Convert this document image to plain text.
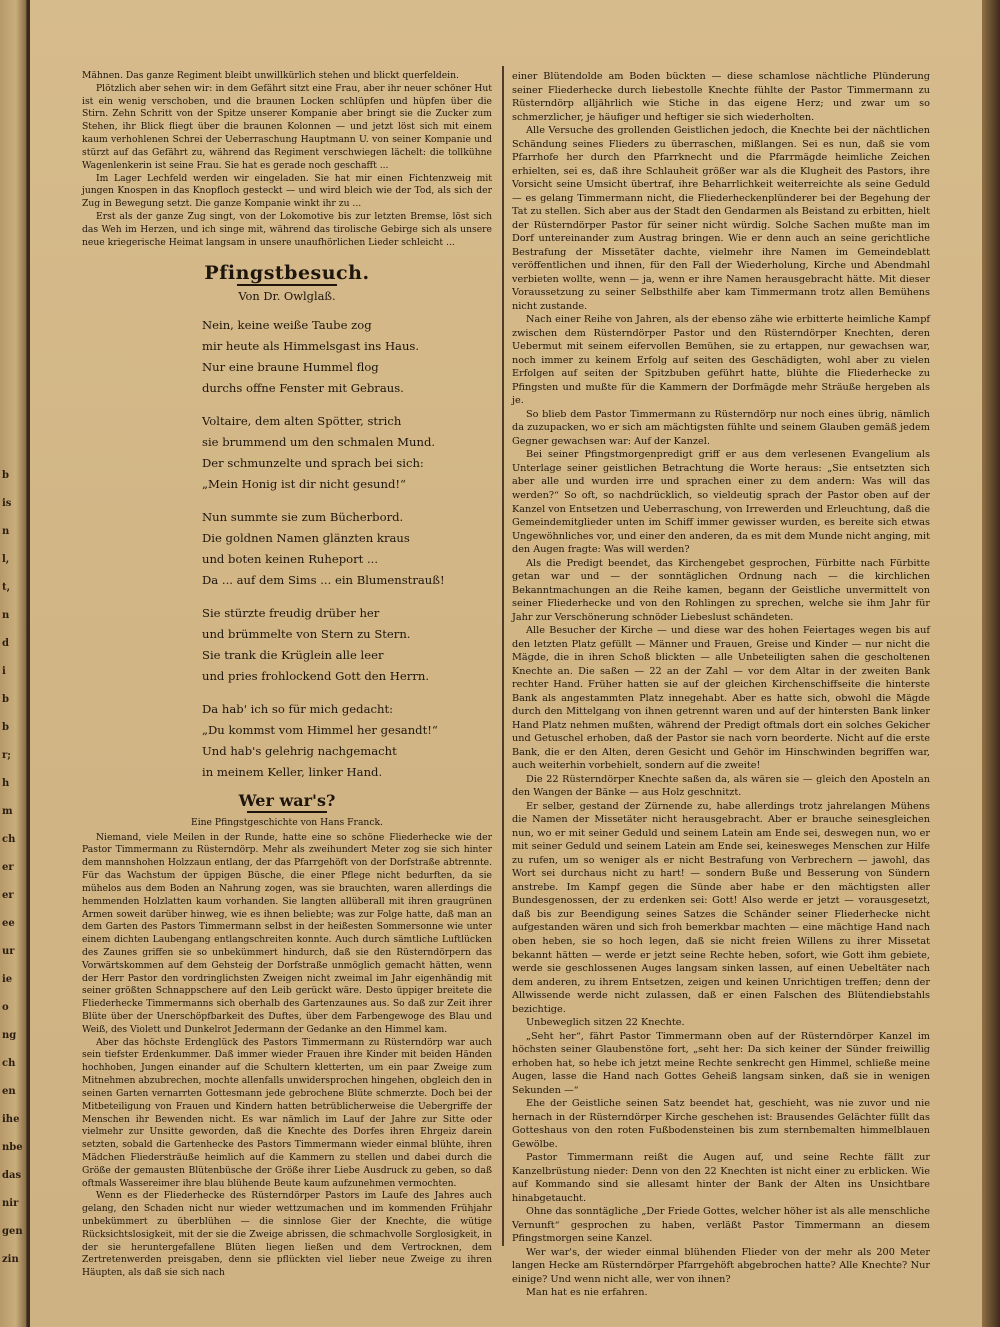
b
is
n
l,
t,
n
d
i
b
b
r;
h
m
ch
er
er
ee
ur
ie
o
ng
ch
en
ihe
nbe
das
nir
gen
zin

Mähnen. Das ganze Regiment bleibt unwillkürlich stehen und blickt querfeldein.

Plötzlich aber sehen wir: in dem Gefährt sitzt eine Frau, aber ihr neuer schöner Hut ist ein wenig verschoben, und die braunen Locken schlüpfen und hüpfen über die Stirn. Zehn Schritt von der Spitze unserer Kompanie aber bringt sie die Zucker zum Stehen, ihr Blick fliegt über die braunen Kolonnen — und jetzt löst sich mit einem kaum verhohlenen Schrei der Ueberraschung Hauptmann U. von seiner Kompanie und stürzt auf das Gefährt zu, während das Regiment verschwiegen lächelt: die tollkühne Wagenlenkerin ist seine Frau. Sie hat es gerade noch geschafft ...

Im Lager Lechfeld werden wir eingeladen. Sie hat mir einen Fichtenzweig mit jungen Knospen in das Knopfloch gesteckt — und wird bleich wie der Tod, als sich der Zug in Bewegung setzt. Die ganze Kompanie winkt ihr zu ...

Erst als der ganze Zug singt, von der Lokomotive bis zur letzten Bremse, löst sich das Weh im Herzen, und ich singe mit, während das tirolische Gebirge sich als unsere neue kriegerische Heimat langsam in unsere unaufhörlichen Lieder schleicht ...

Pfingstbesuch.
Von Dr. Owlglaß.
Nein, keine weiße Taube zog
mir heute als Himmelsgast ins Haus.
Nur eine braune Hummel flog
durchs offne Fenster mit Gebraus.
Voltaire, dem alten Spötter, strich
sie brummend um den schmalen Mund.
Der schmunzelte und sprach bei sich:
„Mein Honig ist dir nicht gesund!“
Nun summte sie zum Bücherbord.
Die goldnen Namen glänzten kraus
und boten keinen Ruheport ...
Da ... auf dem Sims ... ein Blumenstrauß!
Sie stürzte freudig drüber her
und brümmelte von Stern zu Stern.
Sie trank die Krüglein alle leer
und pries frohlockend Gott den Herrn.
Da hab' ich so für mich gedacht:
„Du kommst vom Himmel her gesandt!“
Und hab's gelehrig nachgemacht
in meinem Keller, linker Hand.
Wer war's?
Eine Pfingstgeschichte von Hans Franck.

Niemand, viele Meilen in der Runde, hatte eine so schöne Fliederhecke wie der Pastor Timmermann zu Rüsterndörp. Mehr als zweihundert Meter zog sie sich hinter dem mannshohen Holzzaun entlang, der das Pfarrgehöft von der Dorfstraße abtrennte. Für das Wachstum der üppigen Büsche, die einer Pflege nicht bedurften, da sie mühelos aus dem Boden an Nahrung zogen, was sie brauchten, waren allerdings die hemmenden Holzlatten kaum vorhanden. Sie langten allüberall mit ihren graugrünen Armen soweit darüber hinweg, wie es ihnen beliebte; was zur Folge hatte, daß man an dem Garten des Pastors Timmermann selbst in der heißesten Sommersonne wie unter einem dichten Laubengang entlangschreiten konnte. Auch durch sämtliche Luftlücken des Zaunes griffen sie so unbekümmert hindurch, daß sie den Rüsterndörpern das Vorwärtskommen auf dem Gehsteig der Dorfstraße unmöglich gemacht hätten, wenn der Herr Pastor den vordringlichsten Zweigen nicht zweimal im Jahr eigenhändig mit seiner größten Schnappschere auf den Leib gerückt wäre. Desto üppiger breitete die Fliederhecke Timmermanns sich oberhalb des Gartenzaunes aus. So daß zur Zeit ihrer Blüte über der Unerschöpfbarkeit des Duftes, über dem Farbengewoge des Blau und Weiß, des Violett und Dunkelrot Jedermann der Gedanke an den Himmel kam.

Aber das höchste Erdenglück des Pastors Timmermann zu Rüsterndörp war auch sein tiefster Erdenkummer. Daß immer wieder Frauen ihre Kinder mit beiden Händen hochhoben, Jungen einander auf die Schultern kletterten, um ein paar Zweige zum Mitnehmen abzubrechen, mochte allenfalls unwidersprochen hingehen, obgleich den in seinen Garten vernarrten Gottesmann jede gebrochene Blüte schmerzte. Doch bei der Mitbeteiligung von Frauen und Kindern hatten betrüblicherweise die Uebergriffe der Menschen ihr Bewenden nicht. Es war nämlich im Lauf der Jahre zur Sitte oder vielmehr zur Unsitte geworden, daß die Knechte des Dorfes ihren Ehrgeiz darein setzten, sobald die Gartenhecke des Pastors Timmermann wieder einmal blühte, ihren Mädchen Fliedersträuße heimlich auf die Kammern zu stellen und dabei durch die Größe der gemausten Blütenbüsche der Größe ihrer Liebe Ausdruck zu geben, so daß oftmals Wassereimer ihre blau blühende Beute kaum aufzunehmen vermochten.

Wenn es der Fliederhecke des Rüsterndörper Pastors im Laufe des Jahres auch gelang, den Schaden nicht nur wieder wettzumachen und im kommenden Frühjahr unbekümmert zu überblühen — die sinnlose Gier der Knechte, die wütige Rücksichtslosigkeit, mit der sie die Zweige abrissen, die schmachvolle Sorglosigkeit, in der sie heruntergefallene Blüten liegen ließen und dem Vertrocknen, dem Zertretenwerden preisgaben, denn sie pflückten viel lieber neue Zweige zu ihren Häupten, als daß sie sich nach

einer Blütendolde am Boden bückten — diese schamlose nächtliche Plünderung seiner Fliederhecke durch liebestolle Knechte fühlte der Pastor Timmermann zu Rüsterndörp alljährlich wie Stiche in das eigene Herz; und zwar um so schmerzlicher, je häufiger und heftiger sie sich wiederholten.

Alle Versuche des grollenden Geistlichen jedoch, die Knechte bei der nächtlichen Schändung seines Flieders zu überraschen, mißlangen. Sei es nun, daß sie vom Pfarrhofe her durch den Pfarrknecht und die Pfarrmägde heimliche Zeichen erhielten, sei es, daß ihre Schlauheit größer war als die Klugheit des Pastors, ihre Vorsicht seine Umsicht übertraf, ihre Beharrlichkeit weiterreichte als seine Geduld — es gelang Timmermann nicht, die Fliederheckenplünderer bei der Begehung der Tat zu stellen. Sich aber aus der Stadt den Gendarmen als Beistand zu erbitten, hielt der Rüsterndörper Pastor für seiner nicht würdig. Solche Sachen mußte man im Dorf untereinander zum Austrag bringen. Wie er denn auch an seine gerichtliche Bestrafung der Missetäter dachte, vielmehr ihre Namen im Gemeindeblatt veröffentlichen und ihnen, für den Fall der Wiederholung, Kirche und Abendmahl verbieten wollte, wenn — ja, wenn er ihre Namen herausgebracht hätte. Mit dieser Voraussetzung zu seiner Selbsthilfe aber kam Timmermann trotz allen Bemühens nicht zustande.

Nach einer Reihe von Jahren, als der ebenso zähe wie erbitterte heimliche Kampf zwischen dem Rüsterndörper Pastor und den Rüsterndörper Knechten, deren Uebermut mit seinem eifervollen Bemühen, sie zu ertappen, nur gewachsen war, noch immer zu keinem Erfolg auf seiten des Geschädigten, wohl aber zu vielen Erfolgen auf seiten der Spitzbuben geführt hatte, blühte die Fliederhecke zu Pfingsten und mußte für die Kammern der Dorfmägde mehr Sträuße hergeben als je.

So blieb dem Pastor Timmermann zu Rüsterndörp nur noch eines übrig, nämlich da zuzupacken, wo er sich am mächtigsten fühlte und seinem Glauben gemäß jedem Gegner gewachsen war: Auf der Kanzel.

Bei seiner Pfingstmorgenpredigt griff er aus dem verlesenen Evangelium als Unterlage seiner geistlichen Betrachtung die Worte heraus: „Sie entsetzten sich aber alle und wurden irre und sprachen einer zu dem andern: Was will das werden?“ So oft, so nachdrücklich, so vieldeutig sprach der Pastor oben auf der Kanzel von Entsetzen und Ueberraschung, von Irrewerden und Erleuchtung, daß die Gemeindemitglieder unten im Schiff immer gewisser wurden, es bereite sich etwas Ungewöhnliches vor, und einer den anderen, da es mit dem Munde nicht anging, mit den Augen fragte: Was will werden?

Als die Predigt beendet, das Kirchengebet gesprochen, Fürbitte nach Fürbitte getan war und — der sonntäglichen Ordnung nach — die kirchlichen Bekanntmachungen an die Reihe kamen, begann der Geistliche unvermittelt von seiner Fliederhecke und von den Rohlingen zu sprechen, welche sie ihm Jahr für Jahr zur Verschönerung schnöder Liebeslust schändeten.

Alle Besucher der Kirche — und diese war des hohen Feiertages wegen bis auf den letzten Platz gefüllt — Männer und Frauen, Greise und Kinder — nur nicht die Mägde, die in ihren Schoß blickten — alle Unbeteiligten sahen die gescholtenen Knechte an. Die saßen — 22 an der Zahl — vor dem Altar in der zweiten Bank rechter Hand. Früher hatten sie auf der gleichen Kirchenschiffseite die hinterste Bank als angestammten Platz innegehabt. Aber es hatte sich, obwohl die Mägde durch den Mittelgang von ihnen getrennt waren und auf der hintersten Bank linker Hand Platz nehmen mußten, während der Predigt oftmals dort ein solches Gekicher und Getuschel erhoben, daß der Pastor sie nach vorn beorderte. Nicht auf die erste Bank, die er den Alten, deren Gesicht und Gehör im Hinschwinden begriffen war, auch weiterhin vorbehielt, sondern auf die zweite!

Die 22 Rüsterndörper Knechte saßen da, als wären sie — gleich den Aposteln an den Wangen der Bänke — aus Holz geschnitzt.

Er selber, gestand der Zürnende zu, habe allerdings trotz jahrelangen Mühens die Namen der Missetäter nicht herausgebracht. Aber er brauche seinesgleichen nun, wo er mit seiner Geduld und seinem Latein am Ende sei, deswegen nun, wo er mit seiner Geduld und seinem Latein am Ende sei, keinesweges Menschen zur Hilfe zu rufen, um so weniger als er nicht Bestrafung von Verbrechern — jawohl, das Wort sei durchaus nicht zu hart! — sondern Buße und Besserung von Sündern anstrebe. Im Kampf gegen die Sünde aber habe er den mächtigsten aller Bundesgenossen, der zu erdenken sei: Gott! Also werde er jetzt — vorausgesetzt, daß bis zur Beendigung seines Satzes die Schänder seiner Fliederhecke nicht aufgestanden wären und sich froh bemerkbar machten — eine mächtige Hand nach oben heben, sie so hoch legen, daß sie nicht freien Willens zu ihrer Missetat bekannt hätten — werde er jetzt seine Rechte heben, sofort, wie Gott ihm gebiete, werde sie geschlossenen Auges langsam sinken lassen, auf einen Uebeltäter nach dem anderen, zu ihrem Entsetzen, zeigen und keinen Unrichtigen treffen; denn der Allwissende werde nicht zulassen, daß er einen Falschen des Blütendiebstahls bezichtige.

Unbeweglich sitzen 22 Knechte.

„Seht her“, fährt Pastor Timmermann oben auf der Rüsterndörper Kanzel im höchsten seiner Glaubenstöne fort, „seht her: Da sich keiner der Sünder freiwillig erhoben hat, so hebe ich jetzt meine Rechte senkrecht gen Himmel, schließe meine Augen, lasse die Hand nach Gottes Geheiß langsam sinken, daß sie in wenigen Sekunden —“

Ehe der Geistliche seinen Satz beendet hat, geschieht, was nie zuvor und nie hernach in der Rüsterndörper Kirche geschehen ist: Brausendes Gelächter füllt das Gotteshaus von den roten Fußbodensteinen bis zum sternbemalten himmelblauen Gewölbe.

Pastor Timmermann reißt die Augen auf, und seine Rechte fällt zur Kanzelbrüstung nieder: Denn von den 22 Knechten ist nicht einer zu erblicken. Wie auf Kommando sind sie allesamt hinter der Bank der Alten ins Unsichtbare hinabgetaucht.

Ohne das sonntägliche „Der Friede Gottes, welcher höher ist als alle menschliche Vernunft“ gesprochen zu haben, verläßt Pastor Timmermann an diesem Pfingstmorgen seine Kanzel.

Wer war's, der wieder einmal blühenden Flieder von der mehr als 200 Meter langen Hecke am Rüsterndörper Pfarrgehöft abgebrochen hatte? Alle Knechte? Nur einige? Und wenn nicht alle, wer von ihnen?

Man hat es nie erfahren.
